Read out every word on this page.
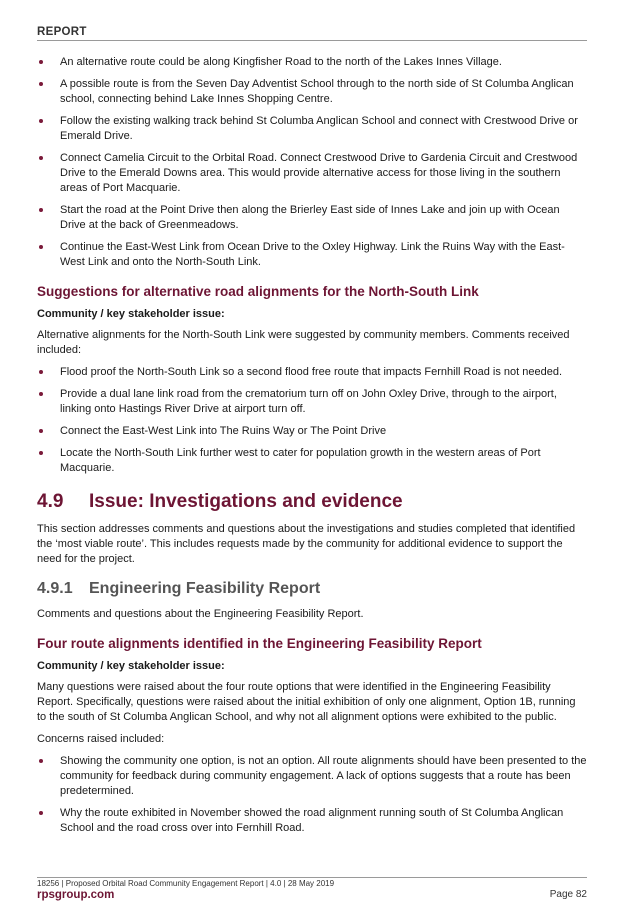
REPORT
An alternative route could be along Kingfisher Road to the north of the Lakes Innes Village.
A possible route is from the Seven Day Adventist School through to the north side of St Columba Anglican school, connecting behind Lake Innes Shopping Centre.
Follow the existing walking track behind St Columba Anglican School and connect with Crestwood Drive or Emerald Drive.
Connect Camelia Circuit to the Orbital Road. Connect Crestwood Drive to Gardenia Circuit and Crestwood Drive to the Emerald Downs area. This would provide alternative access for those living in the southern areas of Port Macquarie.
Start the road at the Point Drive then along the Brierley East side of Innes Lake and join up with Ocean Drive at the back of Greenmeadows.
Continue the East-West Link from Ocean Drive to the Oxley Highway. Link the Ruins Way with the East-West Link and onto the North-South Link.
Suggestions for alternative road alignments for the North-South Link
Community / key stakeholder issue:

Alternative alignments for the North-South Link were suggested by community members. Comments received included:

Flood proof the North-South Link so a second flood free route that impacts Fernhill Road is not needed.
Provide a dual lane link road from the crematorium turn off on John Oxley Drive, through to the airport, linking onto Hastings River Drive at airport turn off.
Connect the East-West Link into The Ruins Way or The Point Drive
Locate the North-South Link further west to cater for population growth in the western areas of Port Macquarie.
4.9 Issue: Investigations and evidence

This section addresses comments and questions about the investigations and studies completed that identified the ‘most viable route’. This includes requests made by the community for additional evidence to support the need for the project.

4.9.1 Engineering Feasibility Report

Comments and questions about the Engineering Feasibility Report.

Four route alignments identified in the Engineering Feasibility Report
Community / key stakeholder issue:

Many questions were raised about the four route options that were identified in the Engineering Feasibility Report. Specifically, questions were raised about the initial exhibition of only one alignment, Option 1B, running to the south of St Columba Anglican School, and why not all alignment options were exhibited to the public.

Concerns raised included:

Showing the community one option, is not an option. All route alignments should have been presented to the community for feedback during community engagement. A lack of options suggests that a route has been predetermined.
Why the route exhibited in November showed the road alignment running south of St Columba Anglican School and the road cross over into Fernhill Road.
18256 | Proposed Orbital Road Community Engagement Report | 4.0 | 28 May 2019
rpsgroup.com	Page 82
